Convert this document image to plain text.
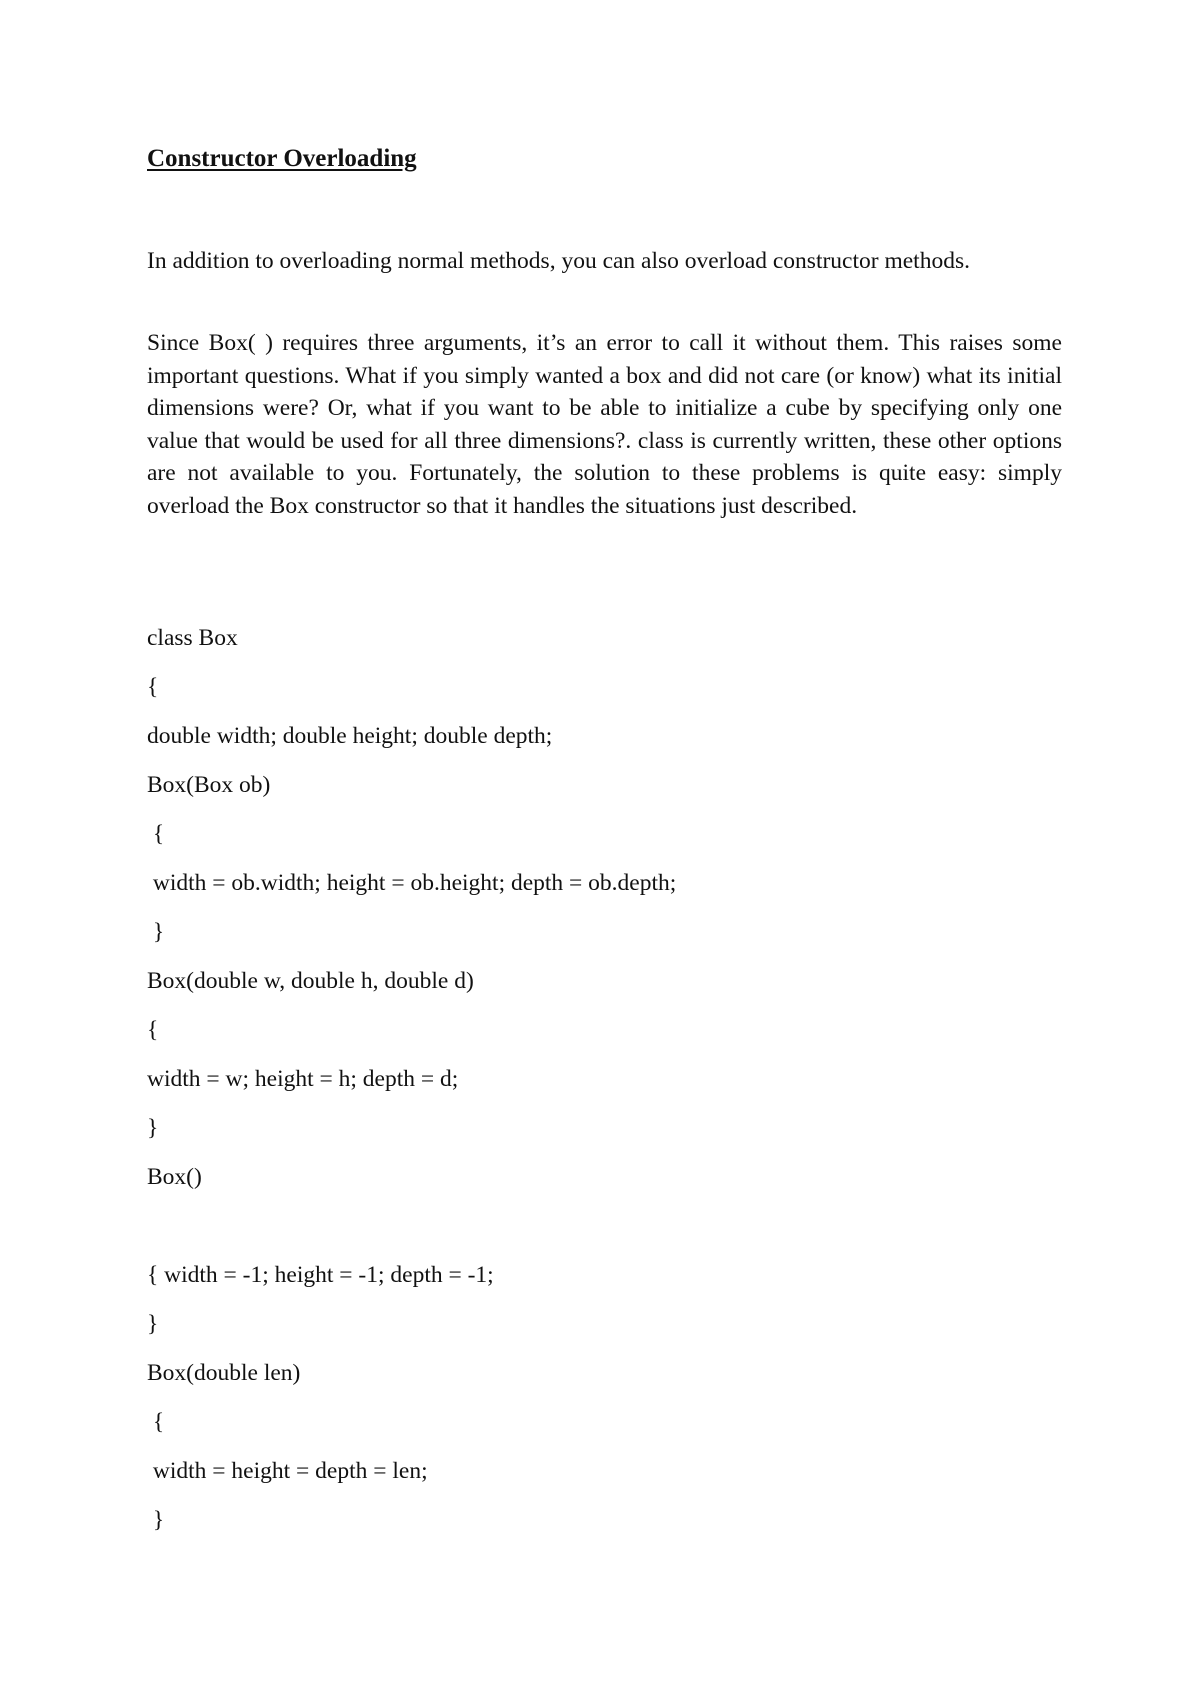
Constructor Overloading

In addition to overloading normal methods, you can also overload constructor methods.

Since Box( ) requires three arguments, it’s an error to call it without them. This raises some important questions. What if you simply wanted a box and did not care (or know) what its initial dimensions were? Or, what if you want to be able to initialize a cube by specifying only one value that would be used for all three dimensions?. class is currently written, these other options are not available to you. Fortunately, the solution to these problems is quite easy: simply overload the Box constructor so that it handles the situations just described.

class Box
{
double width; double height; double depth;
Box(Box ob)
{
width = ob.width; height = ob.height; depth = ob.depth;
}
Box(double w, double h, double d)
{
width = w; height = h; depth = d;
}
Box()
{ width = -1; height = -1; depth = -1;
}
Box(double len)
{
width = height = depth = len;
}
